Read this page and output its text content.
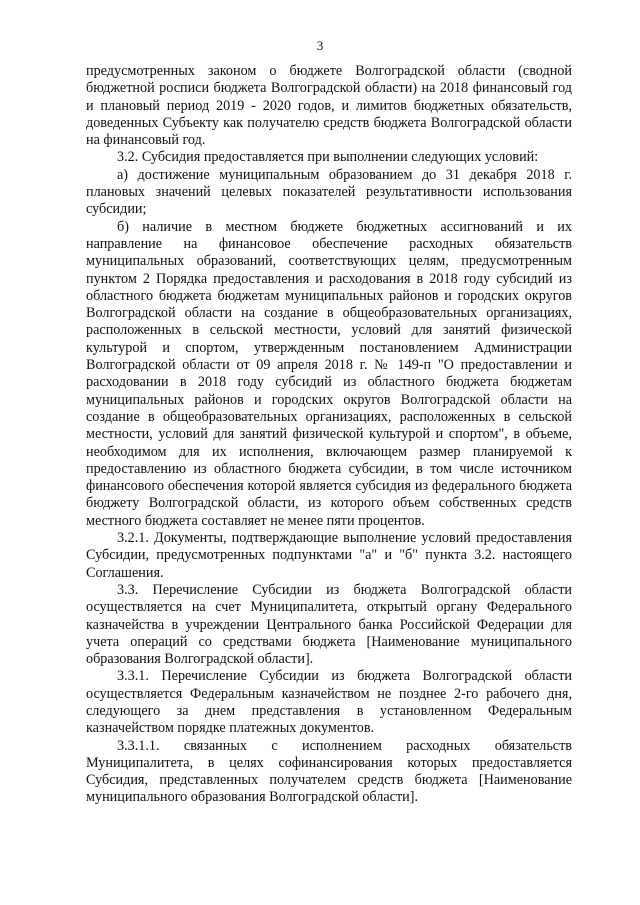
3

предусмотренных законом о бюджете Волгоградской области (сводной бюджетной росписи бюджета Волгоградской области) на 2018 финансовый год и плановый период 2019 - 2020 годов, и лимитов бюджетных обязательств, доведенных Субъекту как получателю средств бюджета Волгоградской области на финансовый год.

3.2. Субсидия предоставляется при выполнении следующих условий:

а) достижение муниципальным образованием до 31 декабря 2018 г. плановых значений целевых показателей результативности использования субсидии;

б) наличие в местном бюджете бюджетных ассигнований и их направление на финансовое обеспечение расходных обязательств муниципальных образований, соответствующих целям, предусмотренным пунктом 2 Порядка предоставления и расходования в 2018 году субсидий из областного бюджета бюджетам муниципальных районов и городских округов Волгоградской области на создание в общеобразовательных организациях, расположенных в сельской местности, условий для занятий физической культурой и спортом, утвержденным постановлением Администрации Волгоградской области от 09 апреля 2018 г. № 149-п "О предоставлении и расходовании в 2018 году субсидий из областного бюджета бюджетам муниципальных районов и городских округов Волгоградской области на создание в общеобразовательных организациях, расположенных в сельской местности, условий для занятий физической культурой и спортом", в объеме, необходимом для их исполнения, включающем размер планируемой к предоставлению из областного бюджета субсидии, в том числе источником финансового обеспечения которой является субсидия из федерального бюджета бюджету Волгоградской области, из которого объем собственных средств местного бюджета составляет не менее пяти процентов.

3.2.1. Документы, подтверждающие выполнение условий предоставления Субсидии, предусмотренных подпунктами "а" и "б" пункта 3.2. настоящего Соглашения.

3.3. Перечисление Субсидии из бюджета Волгоградской области осуществляется на счет Муниципалитета, открытый органу Федерального казначейства в учреждении Центрального банка Российской Федерации для учета операций со средствами бюджета [Наименование муниципального образования Волгоградской области].

3.3.1. Перечисление Субсидии из бюджета Волгоградской области осуществляется Федеральным казначейством не позднее 2-го рабочего дня, следующего за днем представления в установленном Федеральным казначейством порядке платежных документов.

3.3.1.1. связанных с исполнением расходных обязательств Муниципалитета, в целях софинансирования которых предоставляется Субсидия, представленных получателем средств бюджета [Наименование муниципального образования Волгоградской области].
